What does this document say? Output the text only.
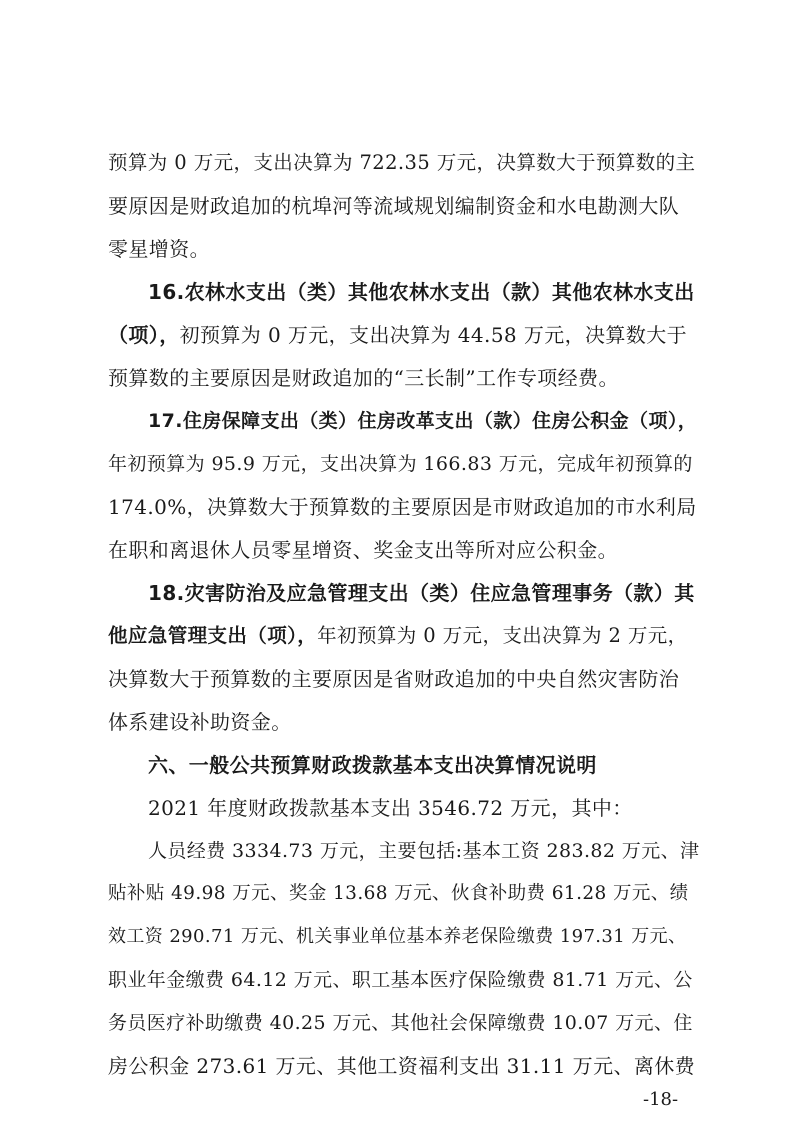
预算为 0 万元，支出决算为 722.35 万元，决算数大于预算数的主
要原因是财政追加的杭埠河等流域规划编制资金和水电勘测大队
零星增资。
16.农林水支出（类）其他农林水支出（款）其他农林水支出
（项），初预算为 0 万元，支出决算为 44.58 万元，决算数大于
预算数的主要原因是财政追加的“三长制”工作专项经费。
17.住房保障支出（类）住房改革支出（款）住房公积金（项），
年初预算为 95.9 万元，支出决算为 166.83 万元，完成年初预算的
174.0%，决算数大于预算数的主要原因是市财政追加的市水利局
在职和离退休人员零星增资、奖金支出等所对应公积金。
18.灾害防治及应急管理支出（类）住应急管理事务（款）其
他应急管理支出（项），年初预算为 0 万元，支出决算为 2 万元，
决算数大于预算数的主要原因是省财政追加的中央自然灾害防治
体系建设补助资金。
六、一般公共预算财政拨款基本支出决算情况说明
2021 年度财政拨款基本支出 3546.72 万元，其中：
人员经费 3334.73 万元，主要包括:基本工资 283.82 万元、津
贴补贴 49.98 万元、奖金 13.68 万元、伙食补助费 61.28 万元、绩
效工资 290.71 万元、机关事业单位基本养老保险缴费 197.31 万元、
职业年金缴费 64.12 万元、职工基本医疗保险缴费 81.71 万元、公
务员医疗补助缴费 40.25 万元、其他社会保障缴费 10.07 万元、住
房公积金 273.61 万元、其他工资福利支出 31.11 万元、离休费
-18-
